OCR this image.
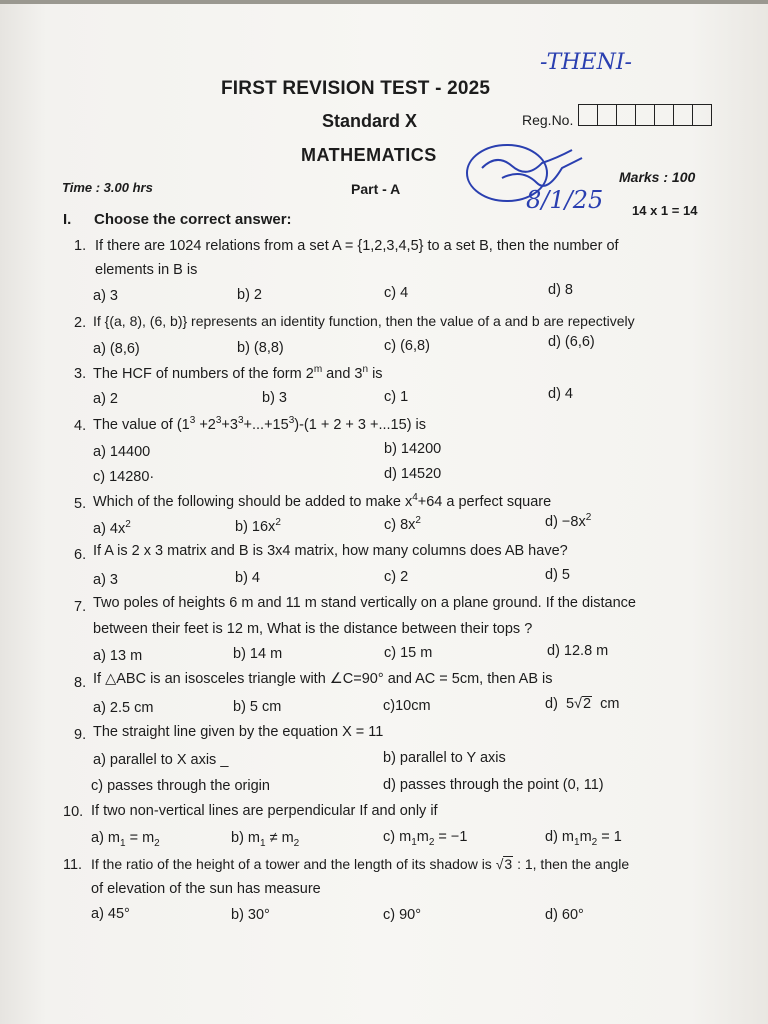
-THENI-
8/1/25
FIRST REVISION TEST - 2025
Standard X	Reg.No.
MATHEMATICS
Time : 3.00 hrs	Part - A
Marks : 100
14 x 1 = 14
I. Choose the correct answer:
1. If there are 1024 relations from a set A = {1,2,3,4,5} to a set B, then the number of
elements in B is
a) 3	b) 2	c) 4	d) 8
2. If {(a, 8), (6, b)} represents an identity function, then the value of a and b are repectively
a) (8,6)	b) (8,8)	c) (6,8)	d) (6,6)
3. The HCF of numbers of the form 2$^m$ and 3$^n$ is
a) 2	b) 3	c) 1	d) 4
4. The value of $(1^3 +2^3+3^3+...+15^3)-(1 + 2 + 3 +...15)$ is
a) 14400	b) 14200
c) 14280·	d) 14520
5. Which of the following should be added to make $x^4+64$ a perfect square
a) $4x^2$	b) $16x^2$	c) $8x^2$	$d) -8x^2$
6. If A is 2 x 3 matrix and B is 3x4 matrix, how many columns does AB have?
a) 3	b) 4	c) 2	d) 5
7. Two poles of heights 6 m and 11 m stand vertically on a plane ground. If the distance
between their feet is 12 m, What is the distance between their tops ?
a) 13 m	b) 14 m	c) 15 m	d) 12.8 m
8. If △ABC is an isosceles triangle with ∠C=90° and AC = 5cm, then AB is
a) 2.5 cm	b) 5 cm	c)10cm	d) 5√2 cm
9. The straight line given by the equation X = 11
a) parallel to X axis _	b) parallel to Y axis
c) passes through the origin	d) passes through the point (0, 11)
10. If two non-vertical lines are perpendicular If and only if
a) $m_1 = m_2$	b) $m_1 \ne m_2$	c) $m_1m_2 = -1$	d) $m_1m_2 = 1$
11. If the ratio of the height of a tower and the length of its shadow is √3 : 1, then the angle
of elevation of the sun has measure
a) 45°	b) 30°	c) 90°	d) 60°
